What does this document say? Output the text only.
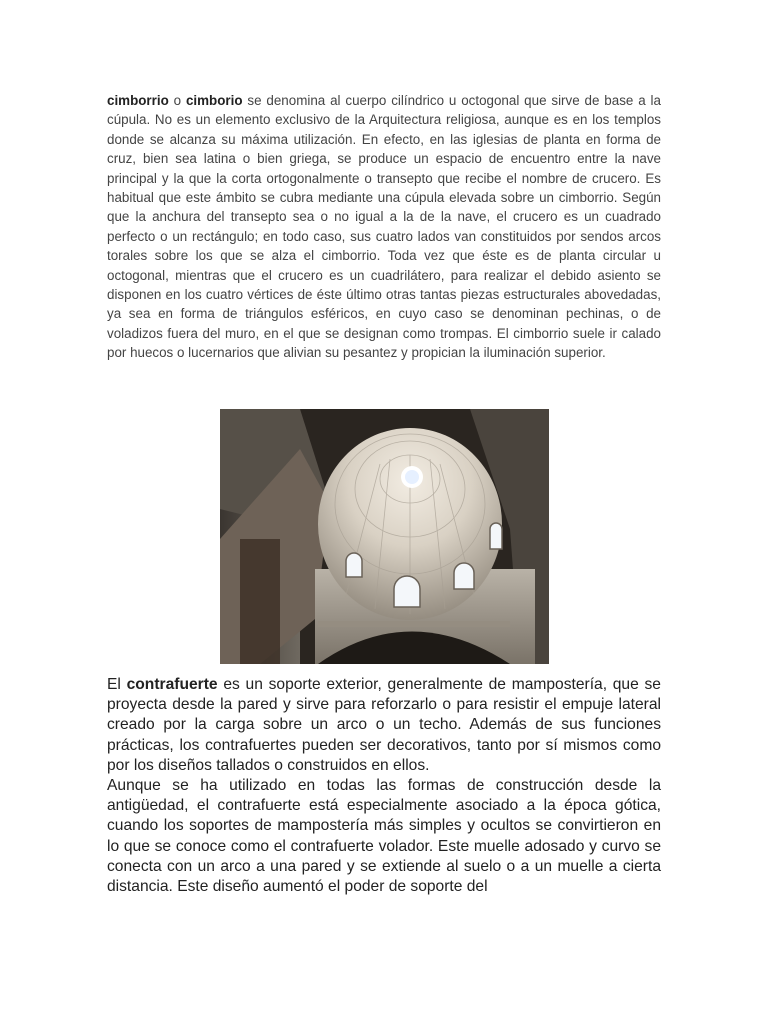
cimborrio o cimborio se denomina al cuerpo cilíndrico u octogonal que sirve de base a la cúpula. No es un elemento exclusivo de la Arquitectura religiosa, aunque es en los templos donde se alcanza su máxima utilización. En efecto, en las iglesias de planta en forma de cruz, bien sea latina o bien griega, se produce un espacio de encuentro entre la nave principal y la que la corta ortogonalmente o transepto que recibe el nombre de crucero. Es habitual que este ámbito se cubra mediante una cúpula elevada sobre un cimborrio. Según que la anchura del transepto sea o no igual a la de la nave, el crucero es un cuadrado perfecto o un rectángulo; en todo caso, sus cuatro lados van constituidos por sendos arcos torales sobre los que se alza el cimborrio. Toda vez que éste es de planta circular u octogonal, mientras que el crucero es un cuadrilátero, para realizar el debido asiento se disponen en los cuatro vértices de éste último otras tantas piezas estructurales abovedadas, ya sea en forma de triángulos esféricos, en cuyo caso se denominan pechinas, o de voladizos fuera del muro, en el que se designan como trompas. El cimborrio suele ir calado por huecos o lucernarios que alivian su pesantez y propician la iluminación superior.

El contrafuerte es un soporte exterior, generalmente de mampostería, que se proyecta desde la pared y sirve para reforzarlo o para resistir el empuje lateral creado por la carga sobre un arco o un techo. Además de sus funciones prácticas, los contrafuertes pueden ser decorativos, tanto por sí mismos como por los diseños tallados o construidos en ellos.
Aunque se ha utilizado en todas las formas de construcción desde la antigüedad, el contrafuerte está especialmente asociado a la época gótica, cuando los soportes de mampostería más simples y ocultos se convirtieron en lo que se conoce como el contrafuerte volador. Este muelle adosado y curvo se conecta con un arco a una pared y se extiende al suelo o a un muelle a cierta distancia. Este diseño aumentó el poder de soporte del
